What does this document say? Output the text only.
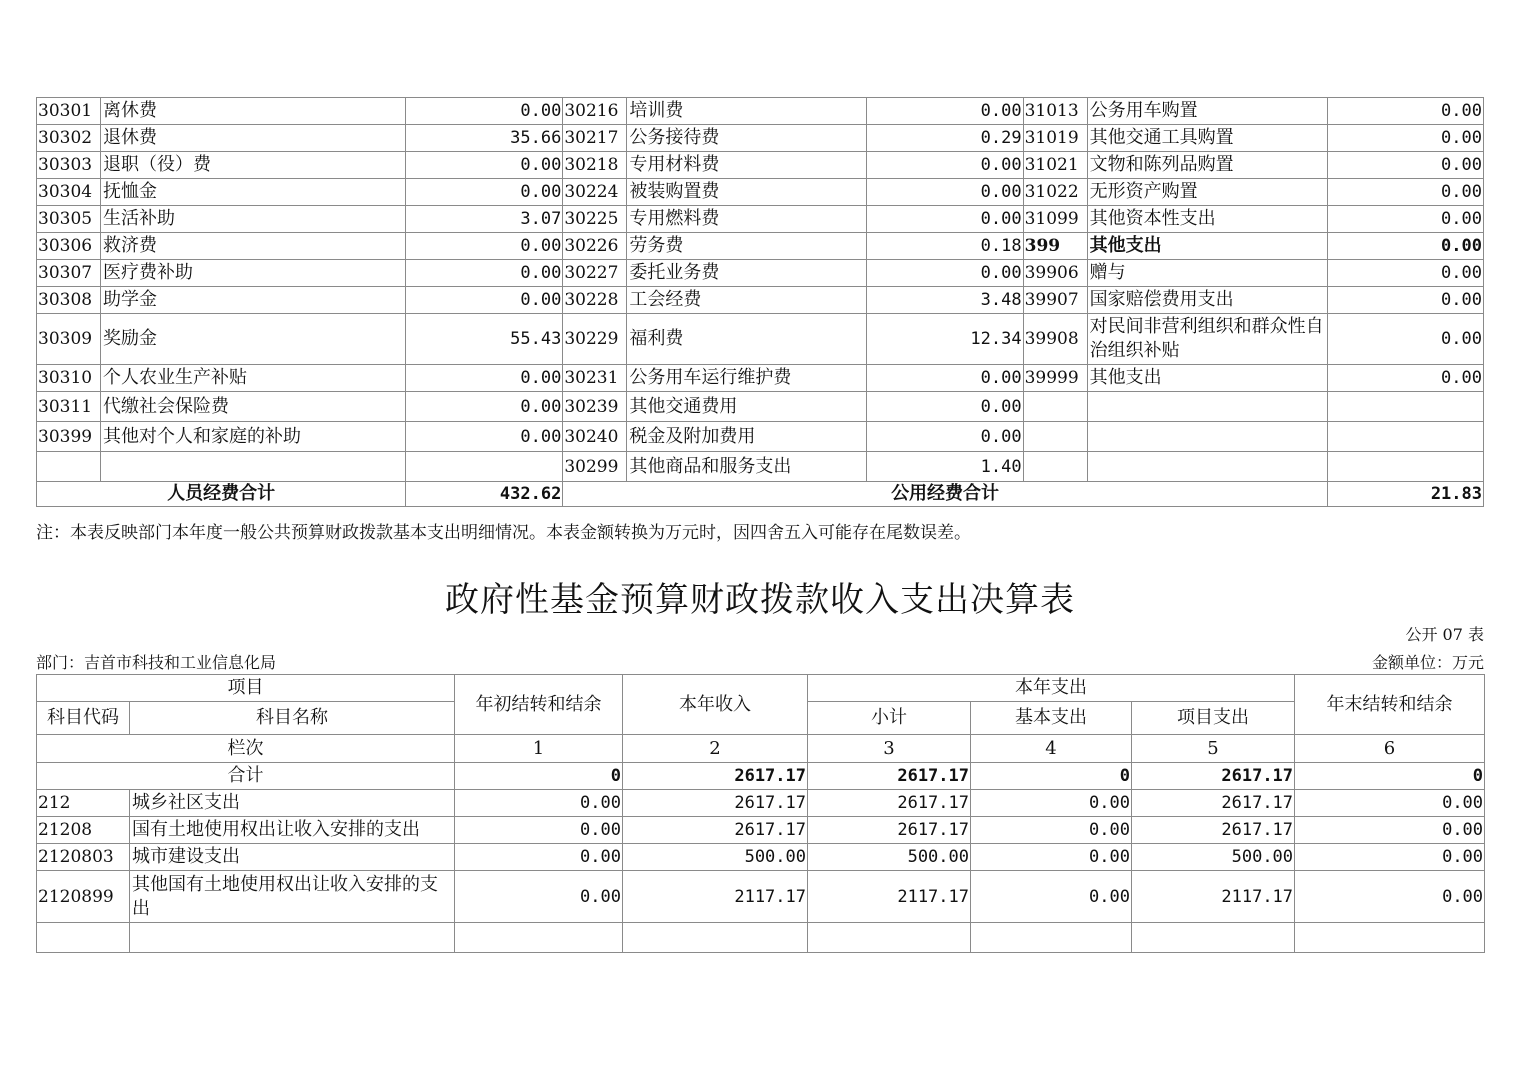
30301	离休费	0.00	30216	培训费	0.00	31013	公务用车购置	0.00
30302	退休费	35.66	30217	公务接待费	0.29	31019	其他交通工具购置	0.00
30303	退职（役）费	0.00	30218	专用材料费	0.00	31021	文物和陈列品购置	0.00
30304	抚恤金	0.00	30224	被装购置费	0.00	31022	无形资产购置	0.00
30305	生活补助	3.07	30225	专用燃料费	0.00	31099	其他资本性支出	0.00
30306	救济费	0.00	30226	劳务费	0.18	399	其他支出	0.00
30307	医疗费补助	0.00	30227	委托业务费	0.00	39906	赠与	0.00
30308	助学金	0.00	30228	工会经费	3.48	39907	国家赔偿费用支出	0.00
30309	奖励金	55.43	30229	福利费	12.34	39908	对民间非营利组织和群众性自治组织补贴	0.00
30310	个人农业生产补贴	0.00	30231	公务用车运行维护费	0.00	39999	其他支出	0.00
30311	代缴社会保险费	0.00	30239	其他交通费用	0.00			
30399	其他对个人和家庭的补助	0.00	30240	税金及附加费用	0.00			
			30299	其他商品和服务支出	1.40			
人员经费合计		432.62	公用经费合计					21.83
注：本表反映部门本年度一般公共预算财政拨款基本支出明细情况。本表金额转换为万元时，因四舍五入可能存在尾数误差。
政府性基金预算财政拨款收入支出决算表
公开 07 表
部门：吉首市科技和工业信息化局	金额单位：万元
项目		年初结转和结余	本年收入	本年支出			年末结转和结余
科目代码	科目名称			小计	基本支出	项目支出	
栏次		1	2	3	4	5	6
合计		0	2617.17	2617.17	0	2617.17	0
212	城乡社区支出	0.00	2617.17	2617.17	0.00	2617.17	0.00
21208	国有土地使用权出让收入安排的支出	0.00	2617.17	2617.17	0.00	2617.17	0.00
2120803	城市建设支出	0.00	500.00	500.00	0.00	500.00	0.00
2120899	其他国有土地使用权出让收入安排的支出	0.00	2117.17	2117.17	0.00	2117.17	0.00
